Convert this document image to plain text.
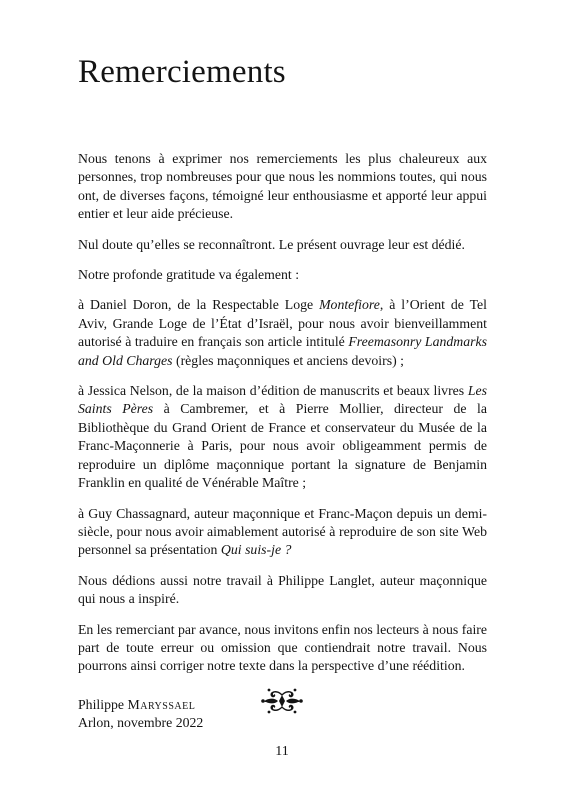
Remerciements

Nous tenons à exprimer nos remerciements les plus chaleureux aux personnes, trop nombreuses pour que nous les nommions toutes, qui nous ont, de diverses façons, témoigné leur enthousiasme et apporté leur appui entier et leur aide précieuse.

Nul doute qu’elles se reconnaîtront. Le présent ouvrage leur est dédié.

Notre profonde gratitude va également :

à Daniel Doron, de la Respectable Loge Montefiore, à l’Orient de Tel Aviv, Grande Loge de l’État d’Israël, pour nous avoir bienveillamment autorisé à traduire en français son article intitulé Freemasonry Landmarks and Old Charges (règles maçonniques et anciens devoirs) ;

à Jessica Nelson, de la maison d’édition de manuscrits et beaux livres Les Saints Pères à Cambremer, et à Pierre Mollier, directeur de la Bibliothèque du Grand Orient de France et conservateur du Musée de la Franc-Maçonnerie à Paris, pour nous avoir obligeamment permis de reproduire un diplôme maçonnique portant la signature de Benjamin Franklin en qualité de Vénérable Maître ;

à Guy Chassagnard, auteur maçonnique et Franc-Maçon depuis un demi-siècle, pour nous avoir aimablement autorisé à reproduire de son site Web personnel sa présentation Qui suis-je ?

Nous dédions aussi notre travail à Philippe Langlet, auteur maçonnique qui nous a inspiré.

En les remerciant par avance, nous invitons enfin nos lecteurs à nous faire part de toute erreur ou omission que contiendrait notre travail. Nous pourrons ainsi corriger notre texte dans la perspective d’une réédition.

Philippe Maryssael
Arlon, novembre 2022

11
